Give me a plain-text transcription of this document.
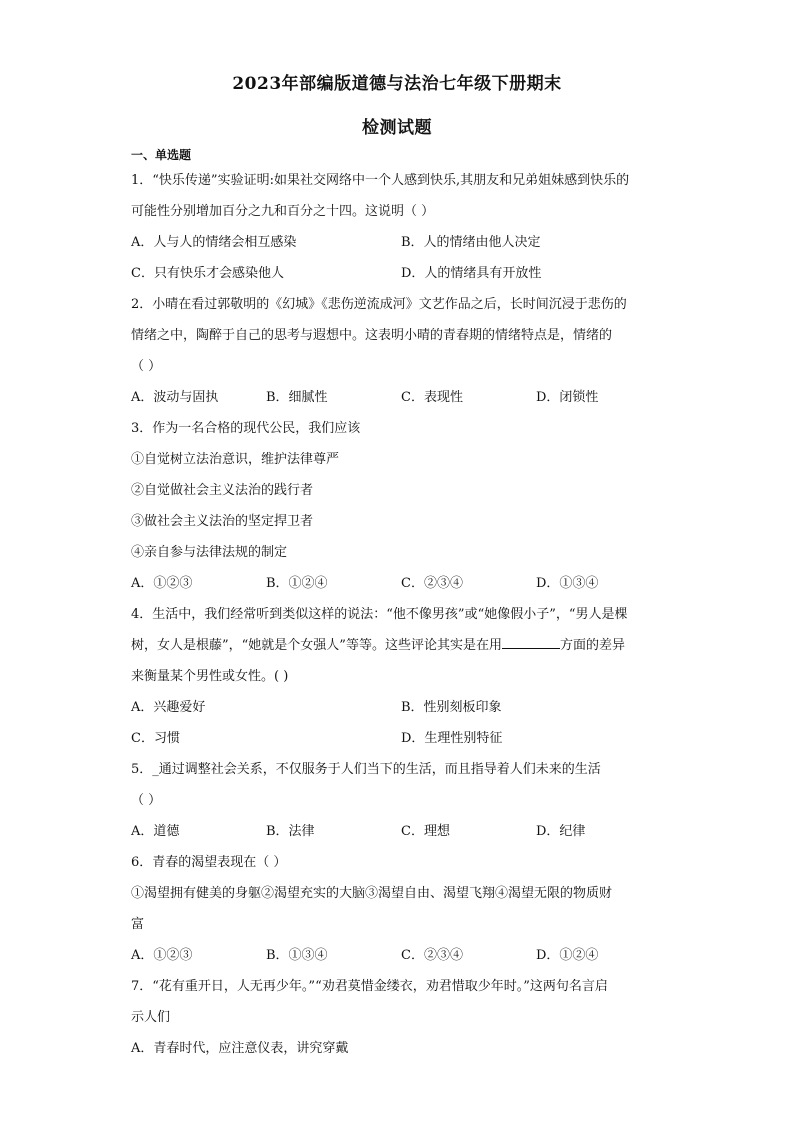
2023年部编版道德与法治七年级下册期末
检测试题
一、单选题
1．“快乐传递”实验证明:如果社交网络中一个人感到快乐,其朋友和兄弟姐妹感到快乐的
可能性分别增加百分之九和百分之十四。这说明（ ）
A．人与人的情绪会相互感染	B．人的情绪由他人决定
C．只有快乐才会感染他人	D．人的情绪具有开放性
2．小晴在看过郭敬明的《幻城》《悲伤逆流成河》文艺作品之后，长时间沉浸于悲伤的
情绪之中，陶醉于自己的思考与遐想中。这表明小晴的青春期的情绪特点是，情绪的
（ ）
A．波动与固执	B．细腻性	C．表现性	D．闭锁性
3．作为一名合格的现代公民，我们应该
①自觉树立法治意识，维护法律尊严
②自觉做社会主义法治的践行者
③做社会主义法治的坚定捍卫者
④亲自参与法律法规的制定
A．①②③	B．①②④	C．②③④	D．①③④
4．生活中，我们经常听到类似这样的说法：“他不像男孩”或“她像假小子”，“男人是棵
树，女人是根藤”，“她就是个女强人”等等。这些评论其实是在用	方面的差异
来衡量某个男性或女性。( )
A．兴趣爱好	B．性别刻板印象
C．习惯	D．生理性别特征
5．_通过调整社会关系，不仅服务于人们当下的生活，而且指导着人们未来的生活
（ ）
A．道德	B．法律	C．理想	D．纪律
6．青春的渴望表现在（ ）
①渴望拥有健美的身躯②渴望充实的大脑③渴望自由、渴望飞翔④渴望无限的物质财
富
A．①②③	B．①③④	C．②③④	D．①②④
7．“花有重开日，人无再少年。”“劝君莫惜金缕衣，劝君惜取少年时。”这两句名言启
示人们
A．青春时代，应注意仪表，讲究穿戴
